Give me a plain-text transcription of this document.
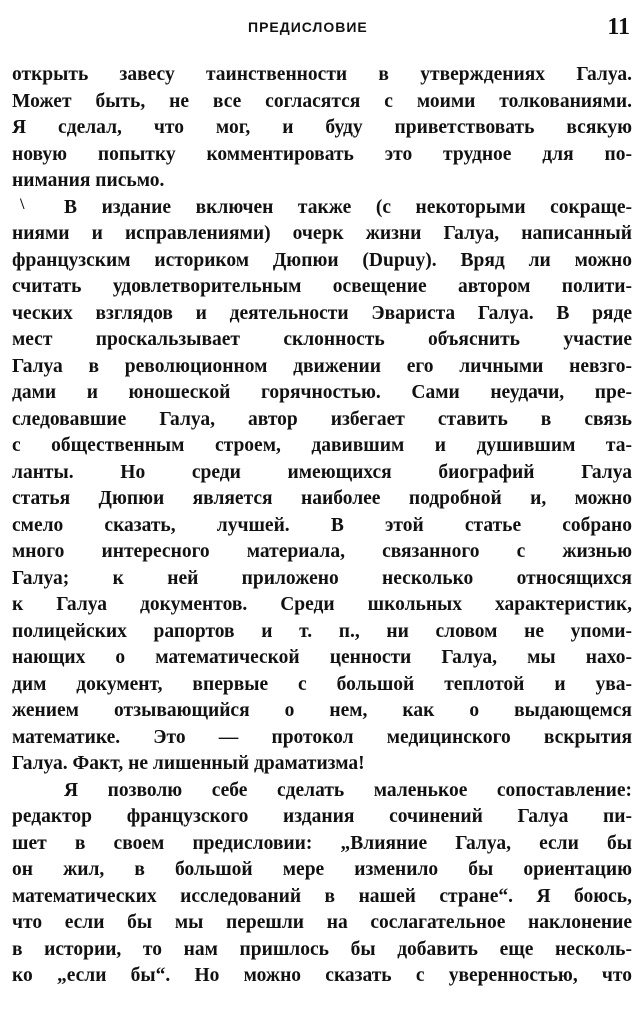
ПРЕДИСЛОВИЕ	11
\
открыть завесу таинственности в утверждениях Галуа.
Может быть, не все согласятся с моими толкованиями.
Я сделал, что мог, и буду приветствовать всякую
новую попытку комментировать это трудное для по-
нимания письмо.
В издание включен также (с некоторыми сокраще-
ниями и исправлениями) очерк жизни Галуа, написанный
французским историком Дюпюи (Dupuy). Вряд ли можно
считать удовлетворительным освещение автором полити-
ческих взглядов и деятельности Эвариста Галуа. В ряде
мест проскальзывает склонность объяснить участие
Галуа в революционном движении его личными невзго-
дами и юношеской горячностью. Сами неудачи, пре-
следовавшие Галуа, автор избегает ставить в связь
с общественным строем, давившим и душившим та-
ланты. Но среди имеющихся биографий Галуа
статья Дюпюи является наиболее подробной и, можно
смело сказать, лучшей. В этой статье собрано
много интересного материала, связанного с жизнью
Галуа; к ней приложено несколько относящихся
к Галуа документов. Среди школьных характеристик,
полицейских рапортов и т. п., ни словом не упоми-
нающих о математической ценности Галуа, мы нахо-
дим документ, впервые с большой теплотой и ува-
жением отзывающийся о нем, как о выдающемся
математике. Это — протокол медицинского вскрытия
Галуа. Факт, не лишенный драматизма!
Я позволю себе сделать маленькое сопоставление:
редактор французского издания сочинений Галуа пи-
шет в своем предисловии: „Влияние Галуа, если бы
он жил, в большой мере изменило бы ориентацию
математических исследований в нашей стране“. Я боюсь,
что если бы мы перешли на сослагательное наклонение
в истории, то нам пришлось бы добавить еще несколь-
ко „если бы“. Но можно сказать с уверенностью, что
